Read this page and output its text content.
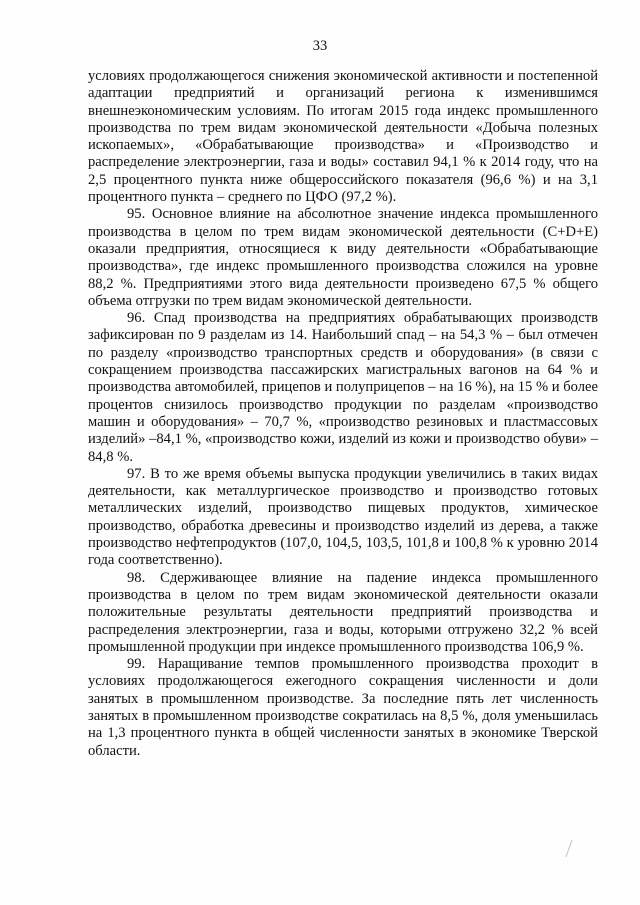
33

условиях продолжающегося снижения экономической активности и постепенной адаптации предприятий и организаций региона к изменившимся внешнеэкономическим условиям. По итогам 2015 года индекс промышленного производства по трем видам экономической деятельности «Добыча полезных ископаемых», «Обрабатывающие производства» и «Производство и распределение электроэнергии, газа и воды» составил 94,1 % к 2014 году, что на 2,5 процентного пункта ниже общероссийского показателя (96,6 %) и на 3,1 процентного пункта – среднего по ЦФО (97,2 %).

95. Основное влияние на абсолютное значение индекса промышленного производства в целом по трем видам экономической деятельности (С+D+E) оказали предприятия, относящиеся к виду деятельности «Обрабатывающие производства», где индекс промышленного производства сложился на уровне 88,2 %. Предприятиями этого вида деятельности произведено 67,5 % общего объема отгрузки по трем видам экономической деятельности.

96. Спад производства на предприятиях обрабатывающих производств зафиксирован по 9 разделам из 14. Наибольший спад – на 54,3 % – был отмечен по разделу «производство транспортных средств и оборудования» (в связи с сокращением производства пассажирских магистральных вагонов на 64 % и производства автомобилей, прицепов и полуприцепов – на 16 %), на 15 % и более процентов снизилось производство продукции по разделам «производство машин и оборудования» – 70,7 %, «производство резиновых и пластмассовых изделий» –84,1 %, «производство кожи, изделий из кожи и производство обуви» – 84,8 %.

97. В то же время объемы выпуска продукции увеличились в таких видах деятельности, как металлургическое производство и производство готовых металлических изделий, производство пищевых продуктов, химическое производство, обработка древесины и производство изделий из дерева, а также производство нефтепродуктов (107,0, 104,5, 103,5, 101,8 и 100,8 % к уровню 2014 года соответственно).

98. Сдерживающее влияние на падение индекса промышленного производства в целом по трем видам экономической деятельности оказали положительные результаты деятельности предприятий производства и распределения электроэнергии, газа и воды, которыми отгружено 32,2 % всей промышленной продукции при индексе промышленного производства 106,9 %.

99. Наращивание темпов промышленного производства проходит в условиях продолжающегося ежегодного сокращения численности и доли занятых в промышленном производстве. За последние пять лет численность занятых в промышленном производстве сократилась на 8,5 %, доля уменьшилась на 1,3 процентного пункта в общей численности занятых в экономике Тверской области.
